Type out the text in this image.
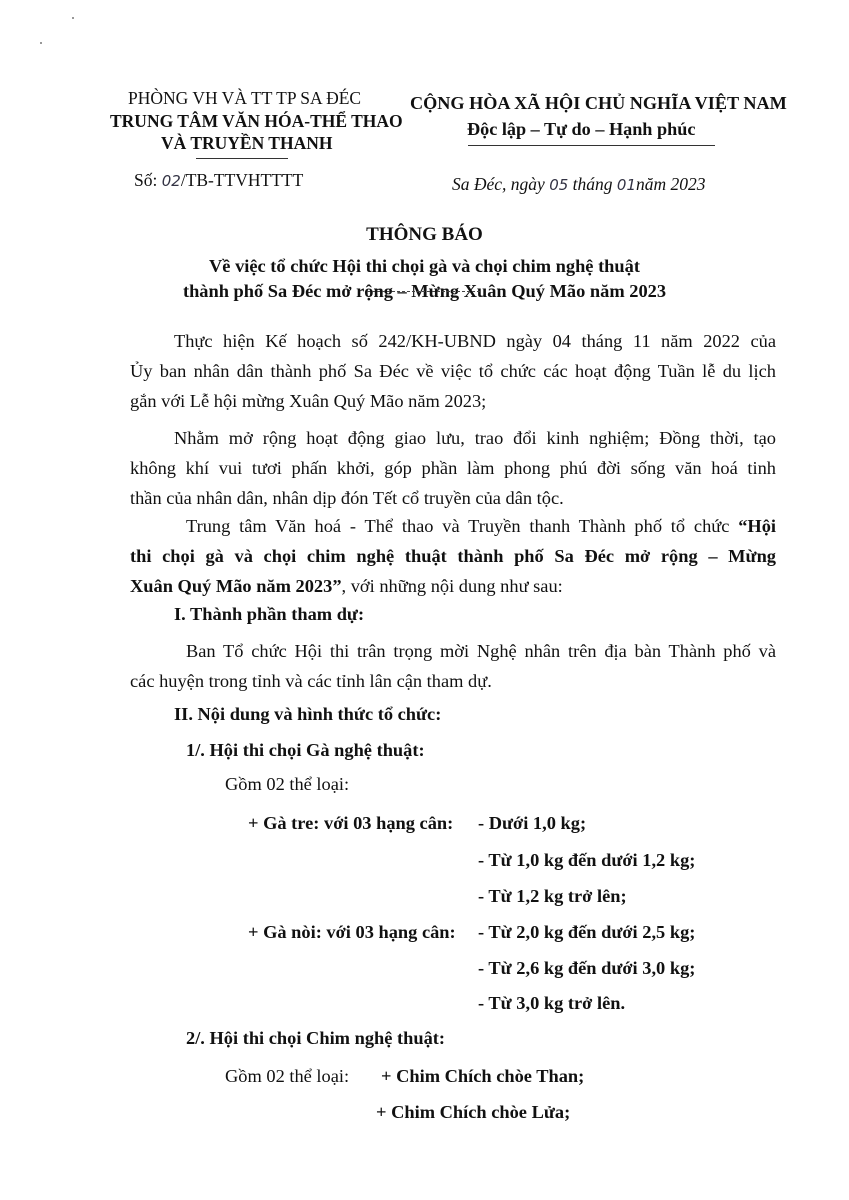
PHÒNG VH VÀ TT TP SA ĐÉC
TRUNG TÂM VĂN HÓA-THỂ THAO
VÀ TRUYỀN THANH
CỘNG HÒA XÃ HỘI CHỦ NGHĨA VIỆT NAM
Độc lập – Tự do – Hạnh phúc
Số: 02/TB-TTVHTTTT	Sa Đéc, ngày 05 tháng 01năm 2023
THÔNG BÁO
Về việc tổ chức Hội thi chọi gà và chọi chim nghệ thuật
thành phố Sa Đéc mở rộng – Mừng Xuân Quý Mão năm 2023
Thực hiện Kế hoạch số 242/KH-UBND ngày 04 tháng 11 năm 2022 của
Ủy ban nhân dân thành phố Sa Đéc về việc tổ chức các hoạt động Tuần lễ du lịch
gắn với Lễ hội mừng Xuân Quý Mão năm 2023;
Nhằm mở rộng hoạt động giao lưu, trao đổi kinh nghiệm; Đồng thời, tạo
không khí vui tươi phấn khởi, góp phần làm phong phú đời sống văn hoá tinh
thần của nhân dân, nhân dịp đón Tết cổ truyền của dân tộc.
Trung tâm Văn hoá - Thể thao và Truyền thanh Thành phố tổ chức “Hội
thi chọi gà và chọi chim nghệ thuật thành phố Sa Đéc mở rộng – Mừng
Xuân Quý Mão năm 2023”, với những nội dung như sau:
I. Thành phần tham dự:
Ban Tổ chức Hội thi trân trọng mời Nghệ nhân trên địa bàn Thành phố và
các huyện trong tỉnh và các tỉnh lân cận tham dự.
II. Nội dung và hình thức tổ chức:
1/. Hội thi chọi Gà nghệ thuật:
Gồm 02 thể loại:
+ Gà tre: với 03 hạng cân: - Dưới 1,0 kg;
- Từ 1,0 kg đến dưới 1,2 kg;
- Từ 1,2 kg trở lên;
+ Gà nòi: với 03 hạng cân: - Từ 2,0 kg đến dưới 2,5 kg;
- Từ 2,6 kg đến dưới 3,0 kg;
- Từ 3,0 kg trở lên.
2/. Hội thi chọi Chim nghệ thuật:
Gồm 02 thể loại: + Chim Chích chòe Than;
+ Chim Chích chòe Lửa;
